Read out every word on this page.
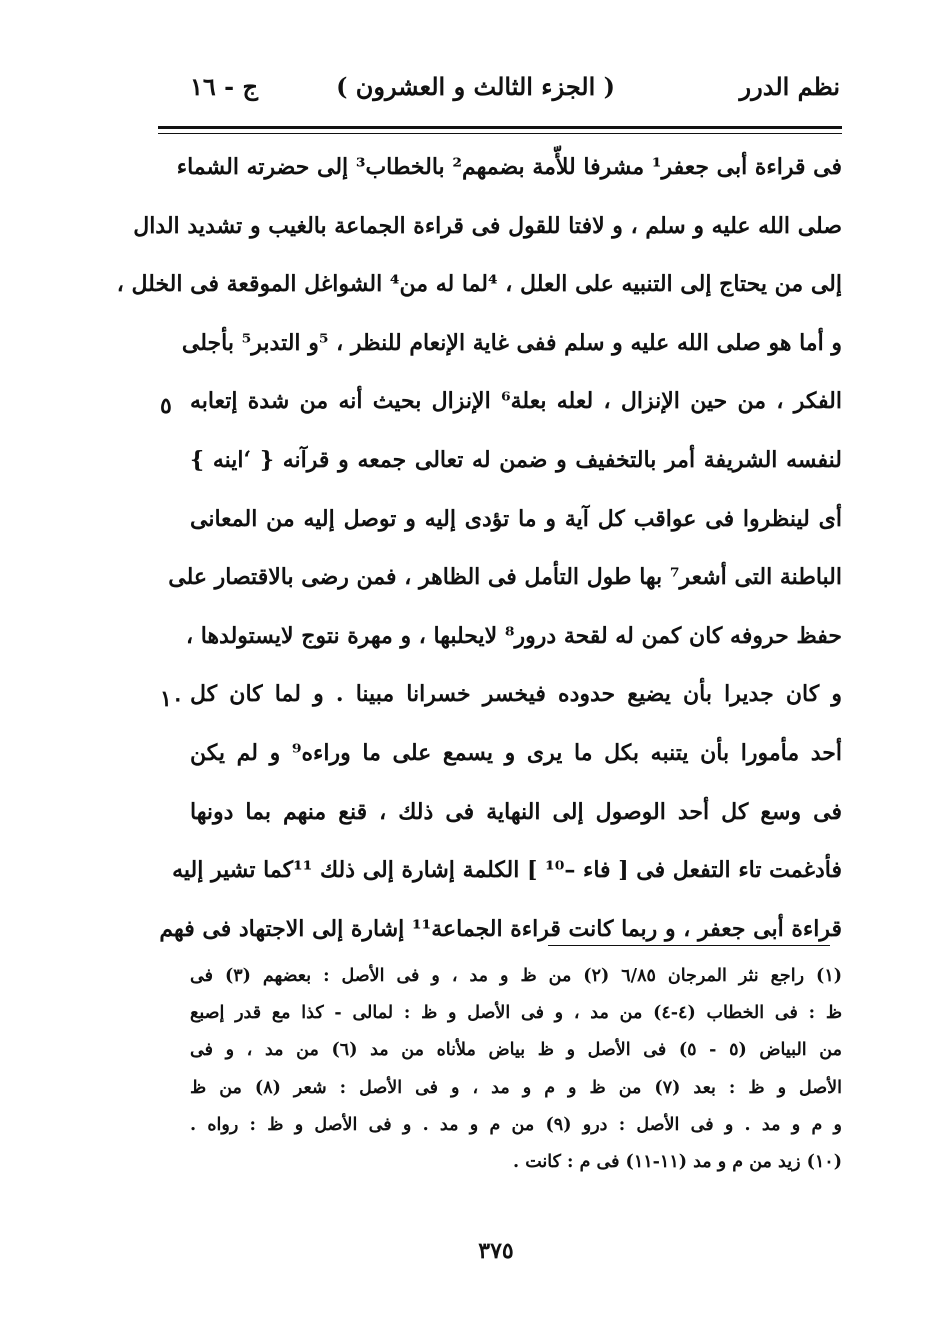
نظم الدرر
( الجزء الثالث و العشرون )
ج - ١٦
فى قراءة أبى جعفر¹ مشرفا للأّمة بضمهم² بالخطاب³ إلى حضرته الشماء
صلى الله عليه و سلم ، و لافتا للقول فى قراءة الجماعة بالغيب و تشديد الدال
إلى من يحتاج إلى التنبيه على العلل ، ⁴لما له من⁴ الشواغل الموقعة فى الخلل ،
و أما هو صلى الله عليه و سلم ففى غاية الإنعام للنظر ، ⁵و التدبر⁵ بأجلى
الفكر ، من حين الإنزال ، لعله بعلة⁶ الإنزال بحيث أنه من شدة إتعابه
لنفسه الشريفة أمر بالتخفيف و ضمن له تعالى جمعه و قرآنه { ‘اينه }
أى لينظروا فى عواقب كل آية و ما تؤدى إليه و توصل إليه من المعانى
الباطنة التى أشعر⁷ بها طول التأمل فى الظاهر ، فمن رضى بالاقتصار على
حفظ حروفه كان كمن له لقحة درور⁸ لايحلبها ، و مهرة نتوج لايستولدها ،
و كان جديرا بأن يضيع حدوده فيخسر خسرانا مبينا . و لما كان كل
أحد مأمورا بأن يتنبه بكل ما يرى و يسمع على ما وراءه⁹ و لم يكن
فى وسع كل أحد الوصول إلى النهاية فى ذلك ، قنع منهم بما دونها
فأدغمت تاء التفعل فى [ فاء –¹⁰ ] الكلمة إشارة إلى ذلك ¹¹كما تشير إليه
قراءة أبى جعفر ، و ربما كانت قراءة الجماعة¹¹ إشارة إلى الاجتهاد فى فهم
٥
١٠
(١) راجع نثر المرجان ٦/٨٥ (٢) من ظ و مد ، و فى الأصل : بعضهم (٣) فى
ظ : فى الخطاب (٤-٤) من مد ، و فى الأصل و ظ : لمالى - كذا مع قدر إصبع
من البياض (٥ - ٥) فى الأصل و ظ بياض ملأناه من مد (٦) من مد ، و فى
الأصل و ظ : بعد (٧) من ظ و م و مد ، و فى الأصل : شعر (٨) من ظ
و م و مد . و فى الأصل : درو (٩) من م و مد . و فى الأصل و ظ : رواه .
(١٠) زيد من م و مد (١١-١١) فى م : كانت .
٣٧٥
